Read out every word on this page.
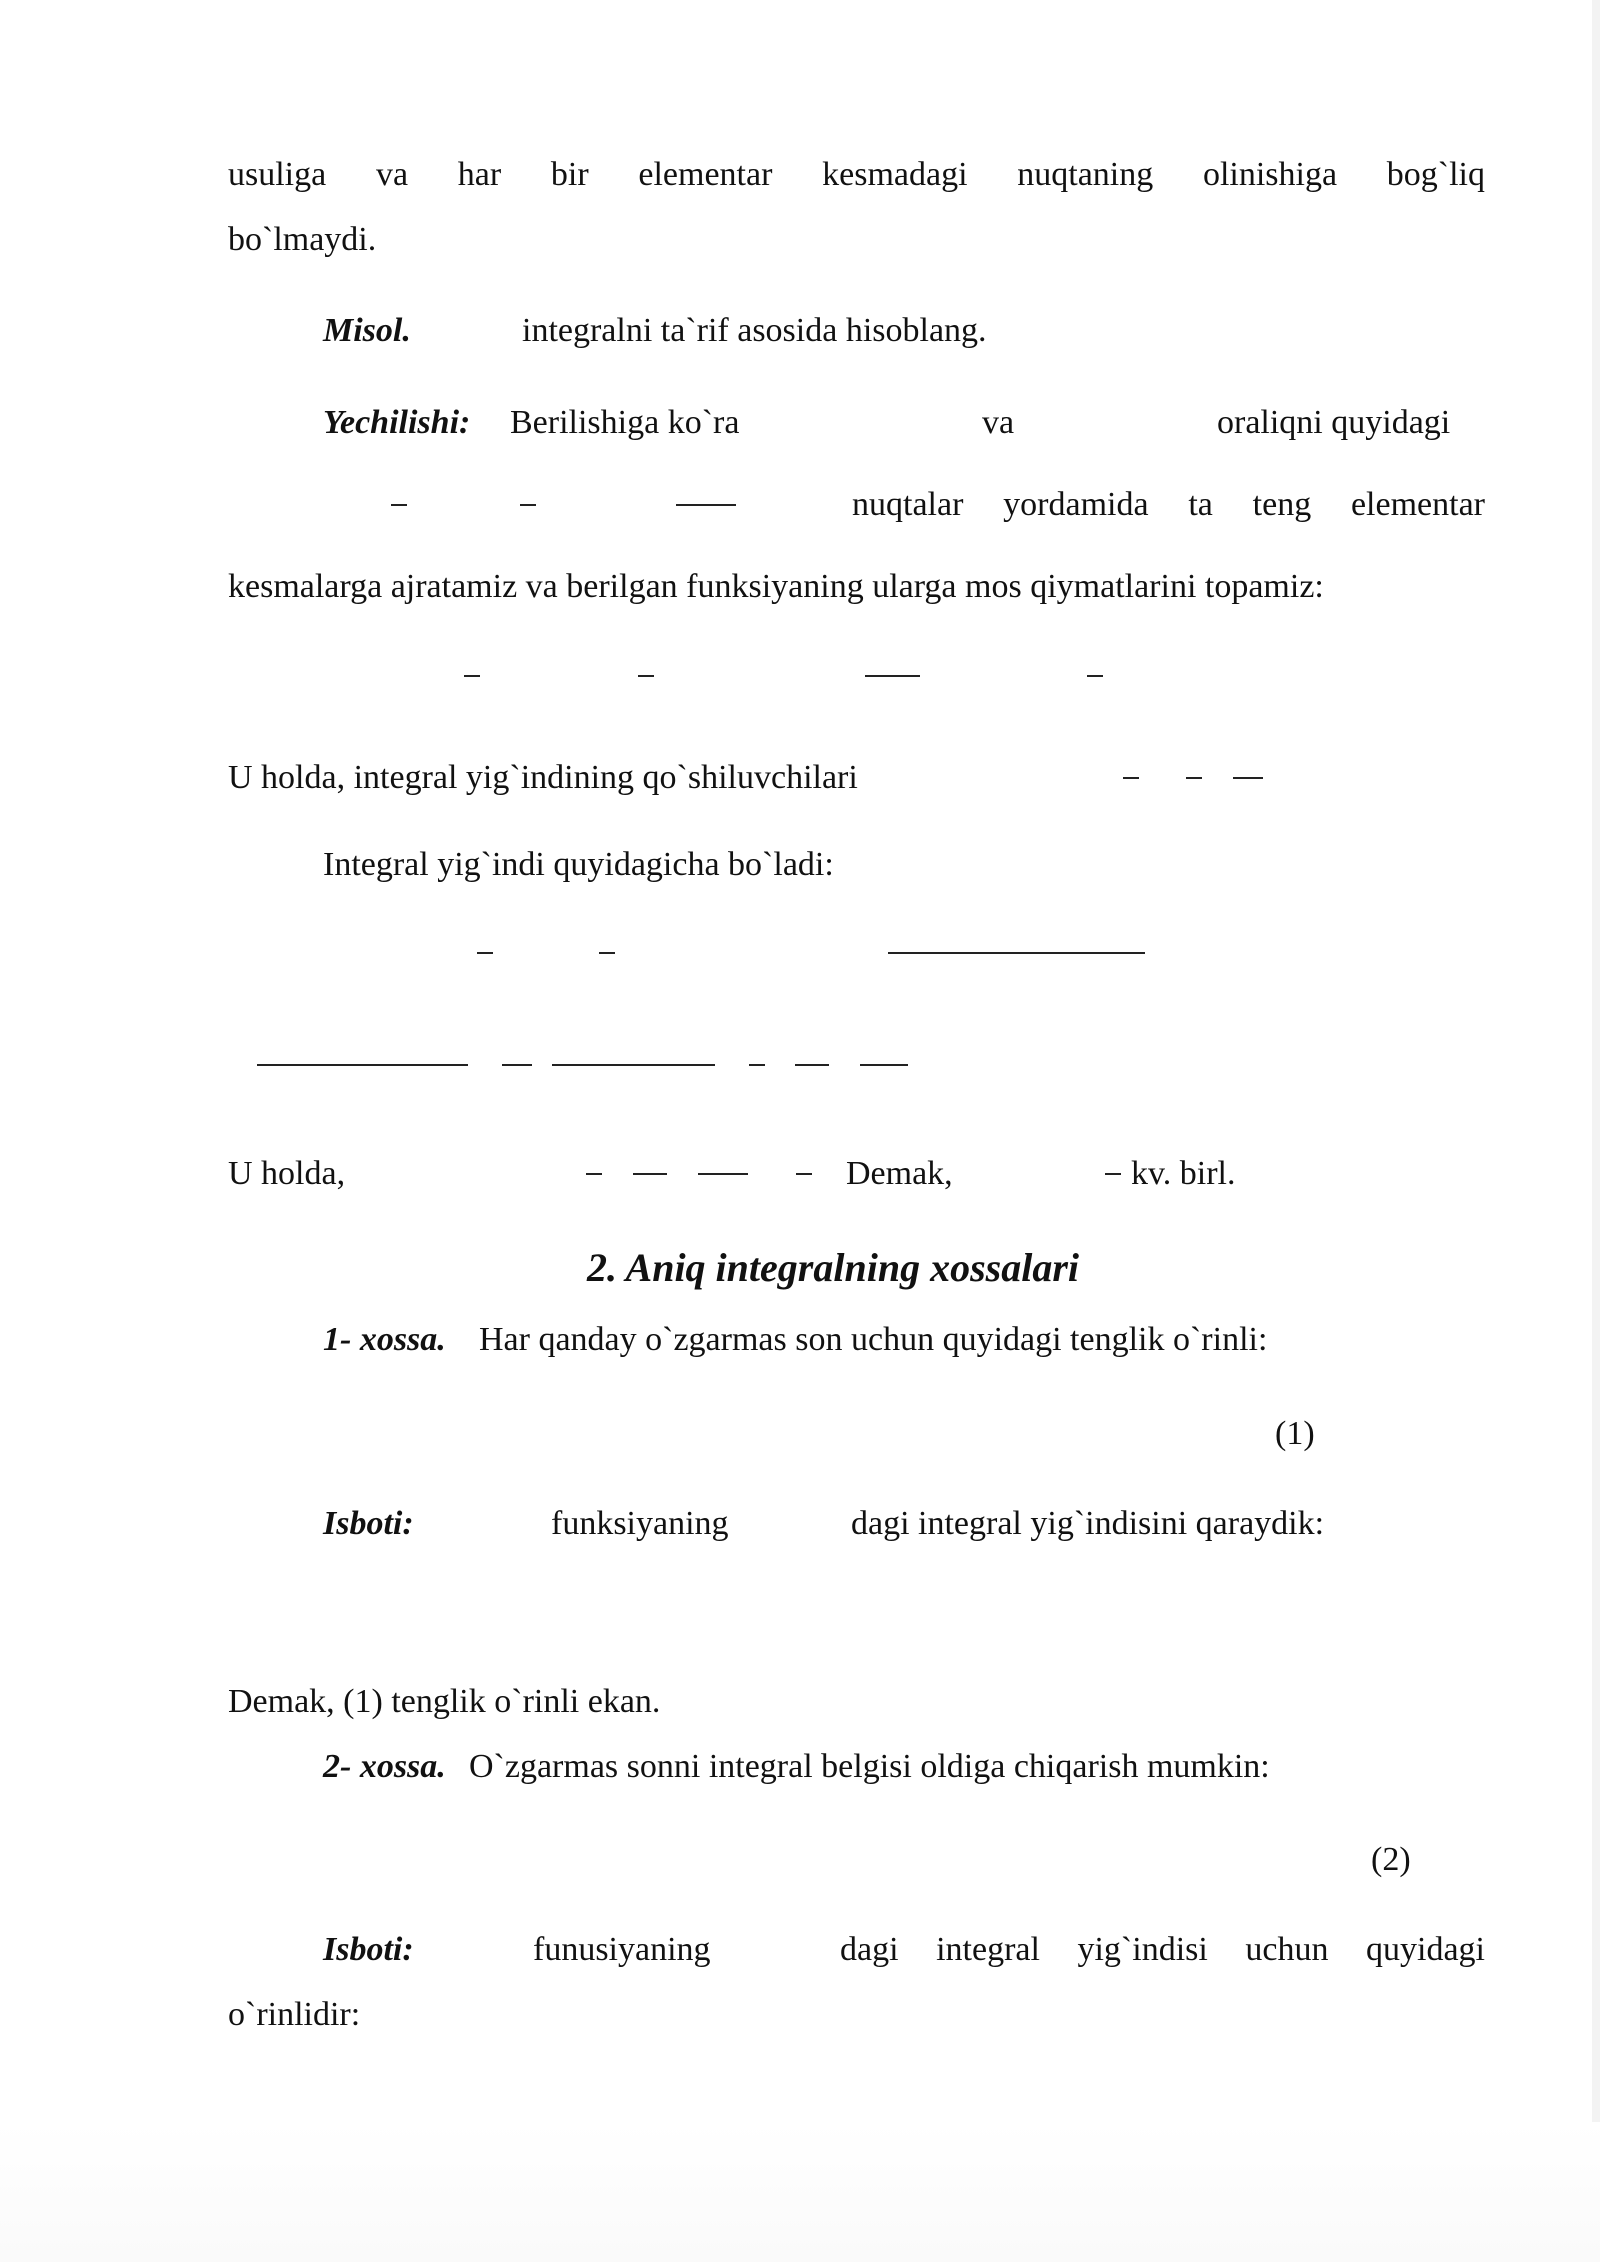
usuliga va har bir elementar kesmadagi nuqtaning olinishiga bog`liq
bo`lmaydi.
Misol.	integralni ta`rif asosida hisoblang.
Yechilishi: Berilishiga ko`ra	va	oraliqni quyidagi
nuqtalar yordamida ta teng elementar
kesmalarga ajratamiz va berilgan funksiyaning ularga mos qiymatlarini topamiz:
U holda, integral yig`indining qo`shiluvchilari
Integral yig`indi quyidagicha bo`ladi:
U holda,	Demak,	kv. birl.
2. Aniq integralning xossalari
1- xossa. Har qanday o`zgarmas son uchun quyidagi tenglik o`rinli:
(1)
Isboti:	funksiyaning	dagi integral yig`indisini qaraydik:
Demak, (1) tenglik o`rinli ekan.
2- xossa. O`zgarmas sonni integral belgisi oldiga chiqarish mumkin:
(2)
Isboti:	funusiyaning	dagi integral yig`indisi uchun quyidagi
o`rinlidir:
